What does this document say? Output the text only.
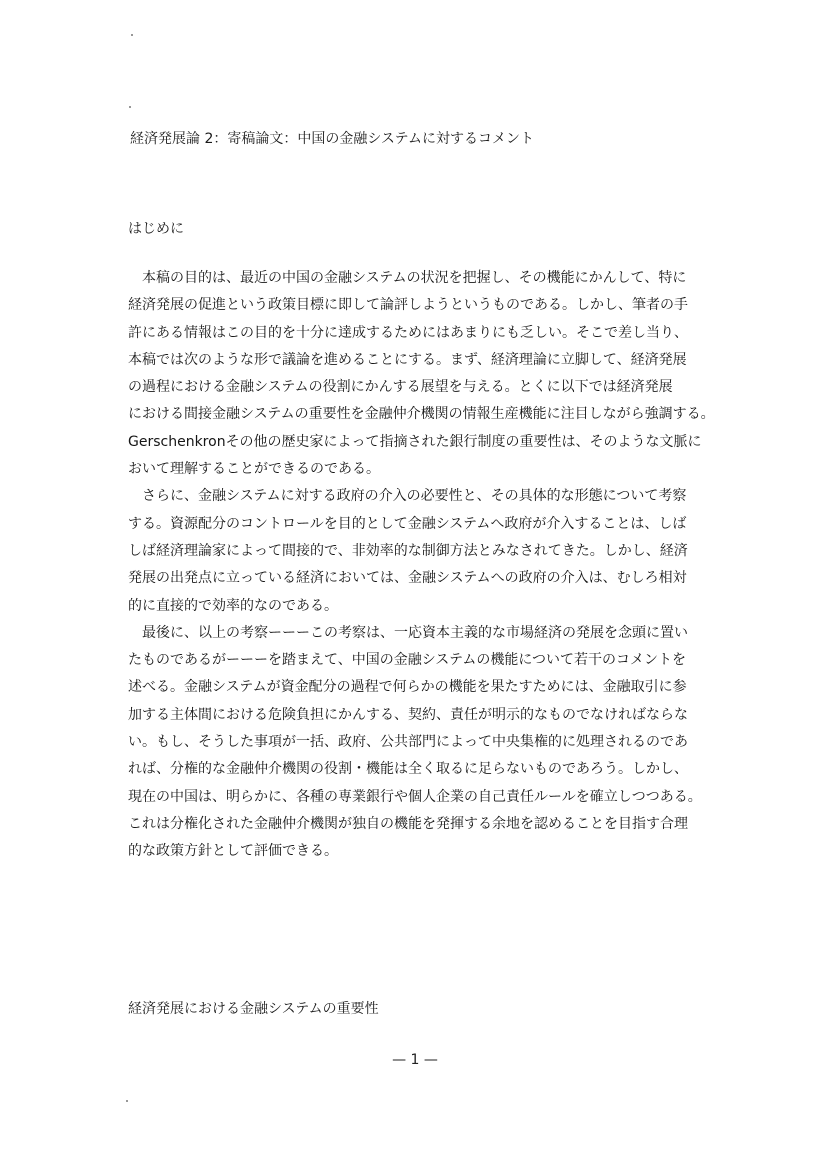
経済発展論 2：寄稿論文：中国の金融システムに対するコメント
はじめに
　本稿の目的は、最近の中国の金融システムの状況を把握し、その機能にかんして、特に
経済発展の促進という政策目標に即して論評しようというものである。しかし、筆者の手
許にある情報はこの目的を十分に達成するためにはあまりにも乏しい。そこで差し当り、
本稿では次のような形で議論を進めることにする。まず、経済理論に立脚して、経済発展
の過程における金融システムの役割にかんする展望を与える。とくに以下では経済発展
における間接金融システムの重要性を金融仲介機関の情報生産機能に注目しながら強調する。
Gerschenkronその他の歴史家によって指摘された銀行制度の重要性は、そのような文脈に
おいて理解することができるのである。
　さらに、金融システムに対する政府の介入の必要性と、その具体的な形態について考察
する。資源配分のコントロールを目的として金融システムへ政府が介入することは、しば
しば経済理論家によって間接的で、非効率的な制御方法とみなされてきた。しかし、経済
発展の出発点に立っている経済においては、金融システムへの政府の介入は、むしろ相対
的に直接的で効率的なのである。
　最後に、以上の考察ーーーこの考察は、一応資本主義的な市場経済の発展を念頭に置い
たものであるがーーーを踏まえて、中国の金融システムの機能について若干のコメントを
述べる。金融システムが資金配分の過程で何らかの機能を果たすためには、金融取引に参
加する主体間における危険負担にかんする、契約、責任が明示的なものでなければならな
い。もし、そうした事項が一括、政府、公共部門によって中央集権的に処理されるのであ
れば、分権的な金融仲介機関の役割・機能は全く取るに足らないものであろう。しかし、
現在の中国は、明らかに、各種の専業銀行や個人企業の自己責任ルールを確立しつつある。
これは分権化された金融仲介機関が独自の機能を発揮する余地を認めることを目指す合理
的な政策方針として評価できる。
経済発展における金融システムの重要性
— 1 —
